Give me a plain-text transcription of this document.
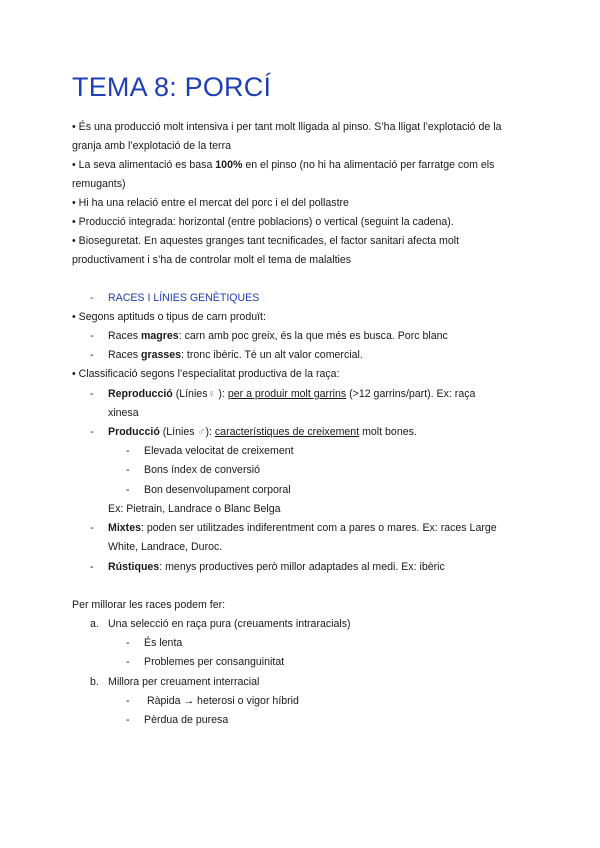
TEMA 8: PORCÍ
• És una producció molt intensiva i per tant molt lligada al pinso. S’ha lligat l’explotació de la
granja amb l’explotació de la terra
• La seva alimentació es basa 100% en el pinso (no hi ha alimentació per farratge com els
remugants)
• Hi ha una relació entre el mercat del porc i el del pollastre
• Producció integrada: horizontal (entre poblacions) o vertical (seguint la cadena).
• Bioseguretat. En aquestes granges tant tecnificades, el factor sanitari afecta molt
productivament i s’ha de controlar molt el tema de malalties
- RACES I LÍNIES GENÈTIQUES
• Segons aptituds o tipus de carn produït:
- Races magres: carn amb poc greix, és la que més es busca. Porc blanc
- Races grasses: tronc ibèric. Té un alt valor comercial.
• Classificació segons l’especialitat productiva de la raça:
- Reproducció (Línies♀ ): per a produir molt garrins (>12 garrins/part). Ex: raça
xinesa
- Producció (Línies ♂): característiques de creixement molt bones.
- Elevada velocitat de creixement
- Bons índex de conversió
- Bon desenvolupament corporal
Ex: Pietrain, Landrace o Blanc Belga
- Mixtes: poden ser utilitzades indiferentment com a pares o mares. Ex: races Large
White, Landrace, Duroc.
- Rústiques: menys productives però millor adaptades al medi. Ex: ibèric
Per millorar les races podem fer:
a. Una selecció en raça pura (creuaments intraracials)
- És lenta
- Problemes per consanguinitat
b. Millora per creuament interracial
- Ràpida → heterosi o vigor híbrid
- Pèrdua de puresa
